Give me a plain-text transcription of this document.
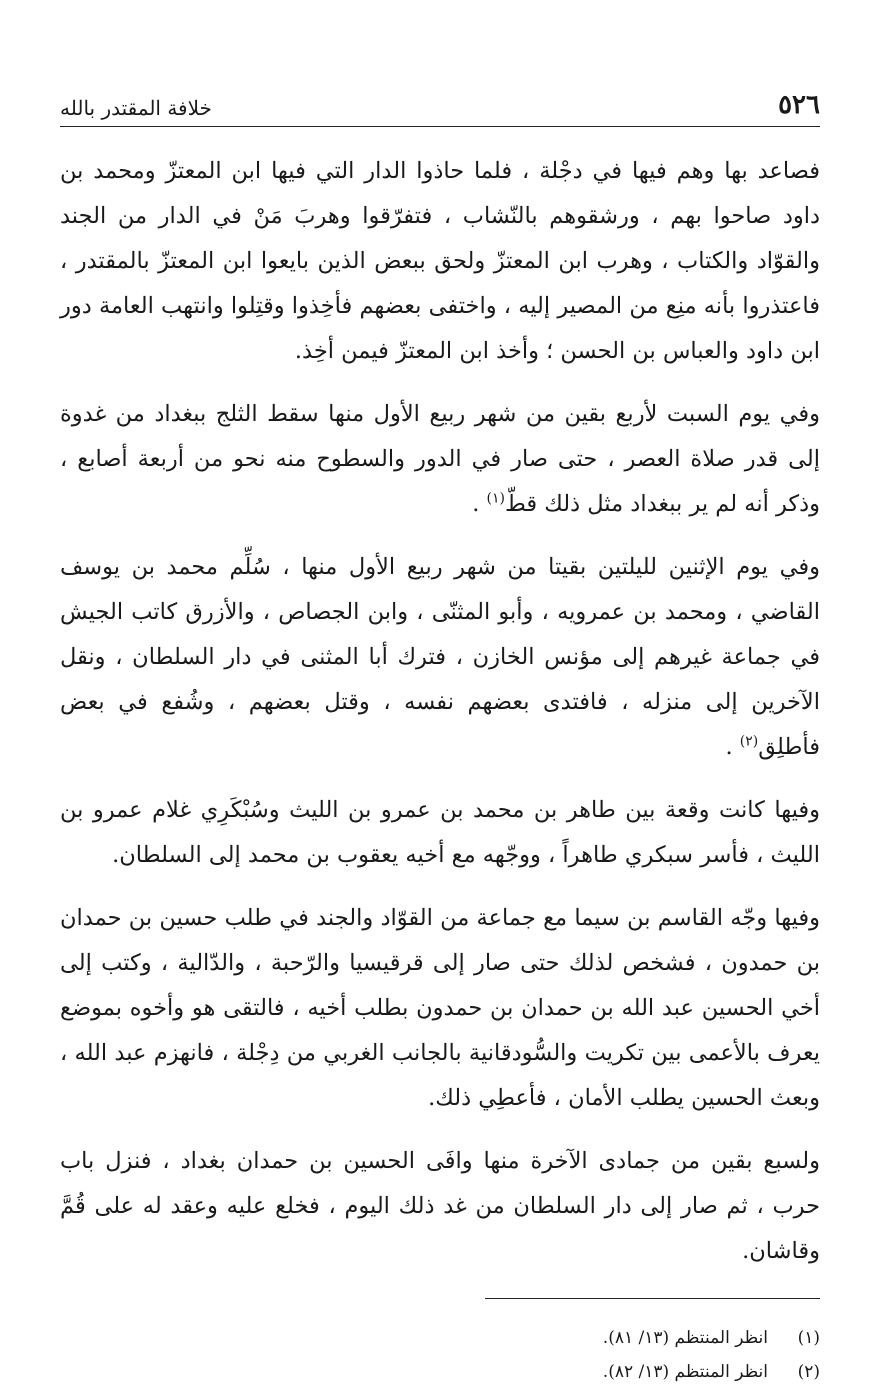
٥٢٦
خلافة المقتدر بالله

فصاعد بها وهم فيها في دجْلة ، فلما حاذوا الدار التي فيها ابن المعتزّ ومحمد بن داود صاحوا بهم ، ورشقوهم بالنّشاب ، فتفرّقوا وهربَ مَنْ في الدار من الجند والقوّاد والكتاب ، وهرب ابن المعتزّ ولحق ببعض الذين بايعوا ابن المعتزّ بالمقتدر ، فاعتذروا بأنه منِع من المصير إليه ، واختفى بعضهم فأخِذوا وقتِلوا وانتهب العامة دور ابن داود والعباس بن الحسن ؛ وأخذ ابن المعتزّ فيمن أخِذ.

وفي يوم السبت لأربع بقين من شهر ربيع الأول منها سقط الثلج ببغداد من غدوة إلى قدر صلاة العصر ، حتى صار في الدور والسطوح منه نحو من أربعة أصابع ، وذكر أنه لم ير ببغداد مثل ذلك قطّ$^{(١)}$ .

وفي يوم الإثنين لليلتين بقيتا من شهر ربيع الأول منها ، سُلِّم محمد بن يوسف القاضي ، ومحمد بن عمرويه ، وأبو المثنّى ، وابن الجصاص ، والأزرق كاتب الجيش في جماعة غيرهم إلى مؤنس الخازن ، فترك أبا المثنى في دار السلطان ، ونقل الآخرين إلى منزله ، فافتدى بعضهم نفسه ، وقتل بعضهم ، وشُفع في بعض فأطلِق$^{(٢)}$ .

وفيها كانت وقعة بين طاهر بن محمد بن عمرو بن الليث وسُبْكَرِي غلام عمرو بن الليث ، فأسر سبكري طاهراً ، ووجّهه مع أخيه يعقوب بن محمد إلى السلطان.

وفيها وجّه القاسم بن سيما مع جماعة من القوّاد والجند في طلب حسين بن حمدان بن حمدون ، فشخص لذلك حتى صار إلى قرقيسيا والرّحبة ، والدّالية ، وكتب إلى أخي الحسين عبد الله بن حمدان بن حمدون بطلب أخيه ، فالتقى هو وأخوه بموضع يعرف بالأعمى بين تكريت والسُّودقانية بالجانب الغربي من دِجْلة ، فانهزم عبد الله ، وبعث الحسين يطلب الأمان ، فأعطِي ذلك.

ولسبع بقين من جمادى الآخرة منها وافَى الحسين بن حمدان بغداد ، فنزل باب حرب ، ثم صار إلى دار السلطان من غد ذلك اليوم ، فخلع عليه وعقد له على قُمَّ وقاشان.

(١)
انظر المنتظم (١٣/ ٨١).
(٢)
انظر المنتظم (١٣/ ٨٢).
